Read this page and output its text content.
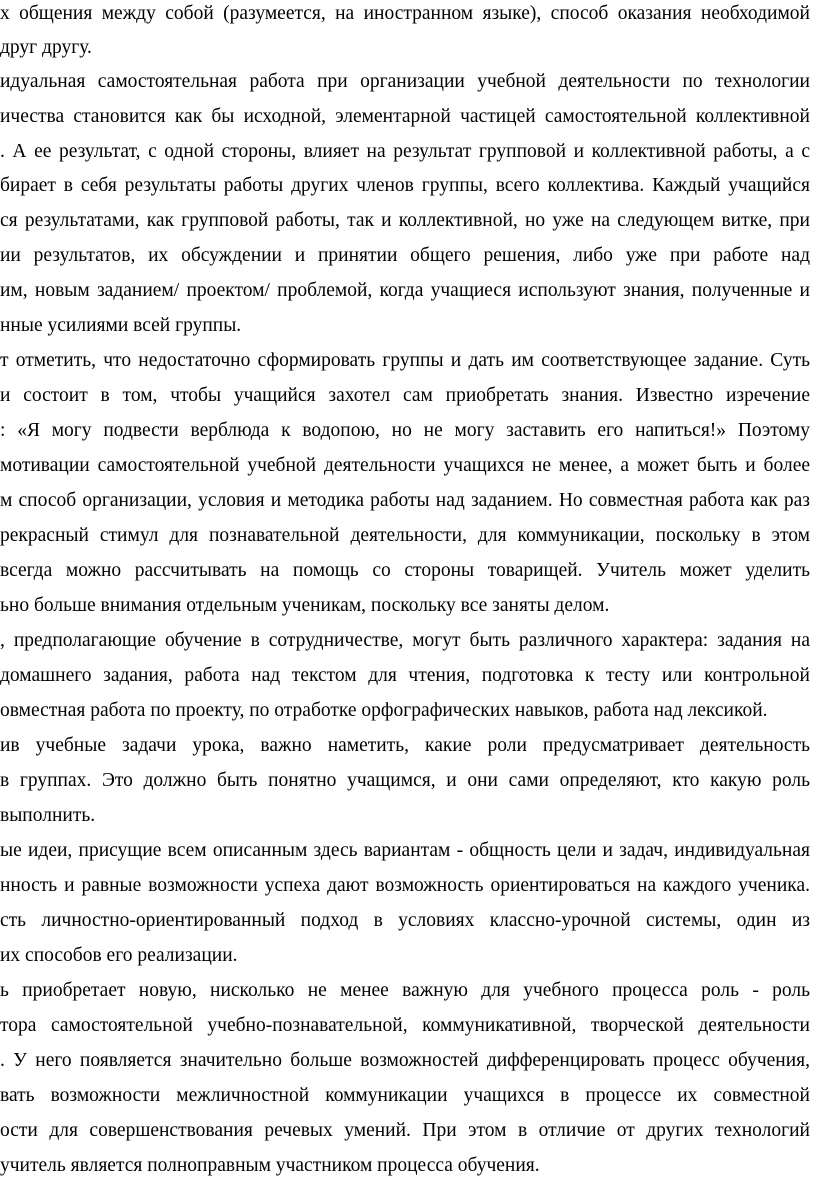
х общения между собой (разумеется, на иностранном языке), способ оказания необходимой
друг другу.
идуальная самостоятельная работа при организации учебной деятельности по технологии
ичества становится как бы исходной, элементарной частицей самостоятельной коллективной
. А ее результат, с одной стороны, влияет на результат групповой и коллективной работы, а с
бирает в себя результаты работы других членов группы, всего коллектива. Каждый учащийся
ся результатами, как групповой работы, так и коллективной, но уже на следующем витке, при
ии результатов, их обсуждении и принятии общего решения, либо уже при работе над
им, новым заданием/ проектом/ проблемой, когда учащиеся используют знания, полученные и
нные усилиями всей группы.
т отметить, что недостаточно сформировать группы и дать им соответствующее задание. Суть
и состоит в том, чтобы учащийся захотел сам приобретать знания. Известно изречение
: «Я могу подвести верблюда к водопою, но не могу заставить его напиться!» Поэтому
мотивации самостоятельной учебной деятельности учащихся не менее, а может быть и более
м способ организации, условия и методика работы над заданием. Но совместная работа как раз
рекрасный стимул для познавательной деятельности, для коммуникации, поскольку в этом
всегда можно рассчитывать на помощь со стороны товарищей. Учитель может уделить
ьно больше внимания отдельным ученикам, поскольку все заняты делом.
, предполагающие обучение в сотрудничестве, могут быть различного характера: задания на
домашнего задания, работа над текстом для чтения, подготовка к тесту или контрольной
овместная работа по проекту, по отработке орфографических навыков, работа над лексикой.
ив учебные задачи урока, важно наметить, какие роли предусматривает деятельность
в группах. Это должно быть понятно учащимся, и они сами определяют, кто какую роль
выполнить.
ые идеи, присущие всем описанным здесь вариантам - общность цели и задач, индивидуальная
нность и равные возможности успеха дают возможность ориентироваться на каждого ученика.
сть личностно-ориентированный подход в условиях классно-урочной системы, один из
их способов его реализации.
ь приобретает новую, нисколько не менее важную для учебного процесса роль - роль
тора самостоятельной учебно-познавательной, коммуникативной, творческой деятельности
. У него появляется значительно больше возможностей дифференцировать процесс обучения,
вать возможности межличностной коммуникации учащихся в процессе их совместной
ости для совершенствования речевых умений. При этом в отличие от других технологий
учитель является полноправным участником процесса обучения.
